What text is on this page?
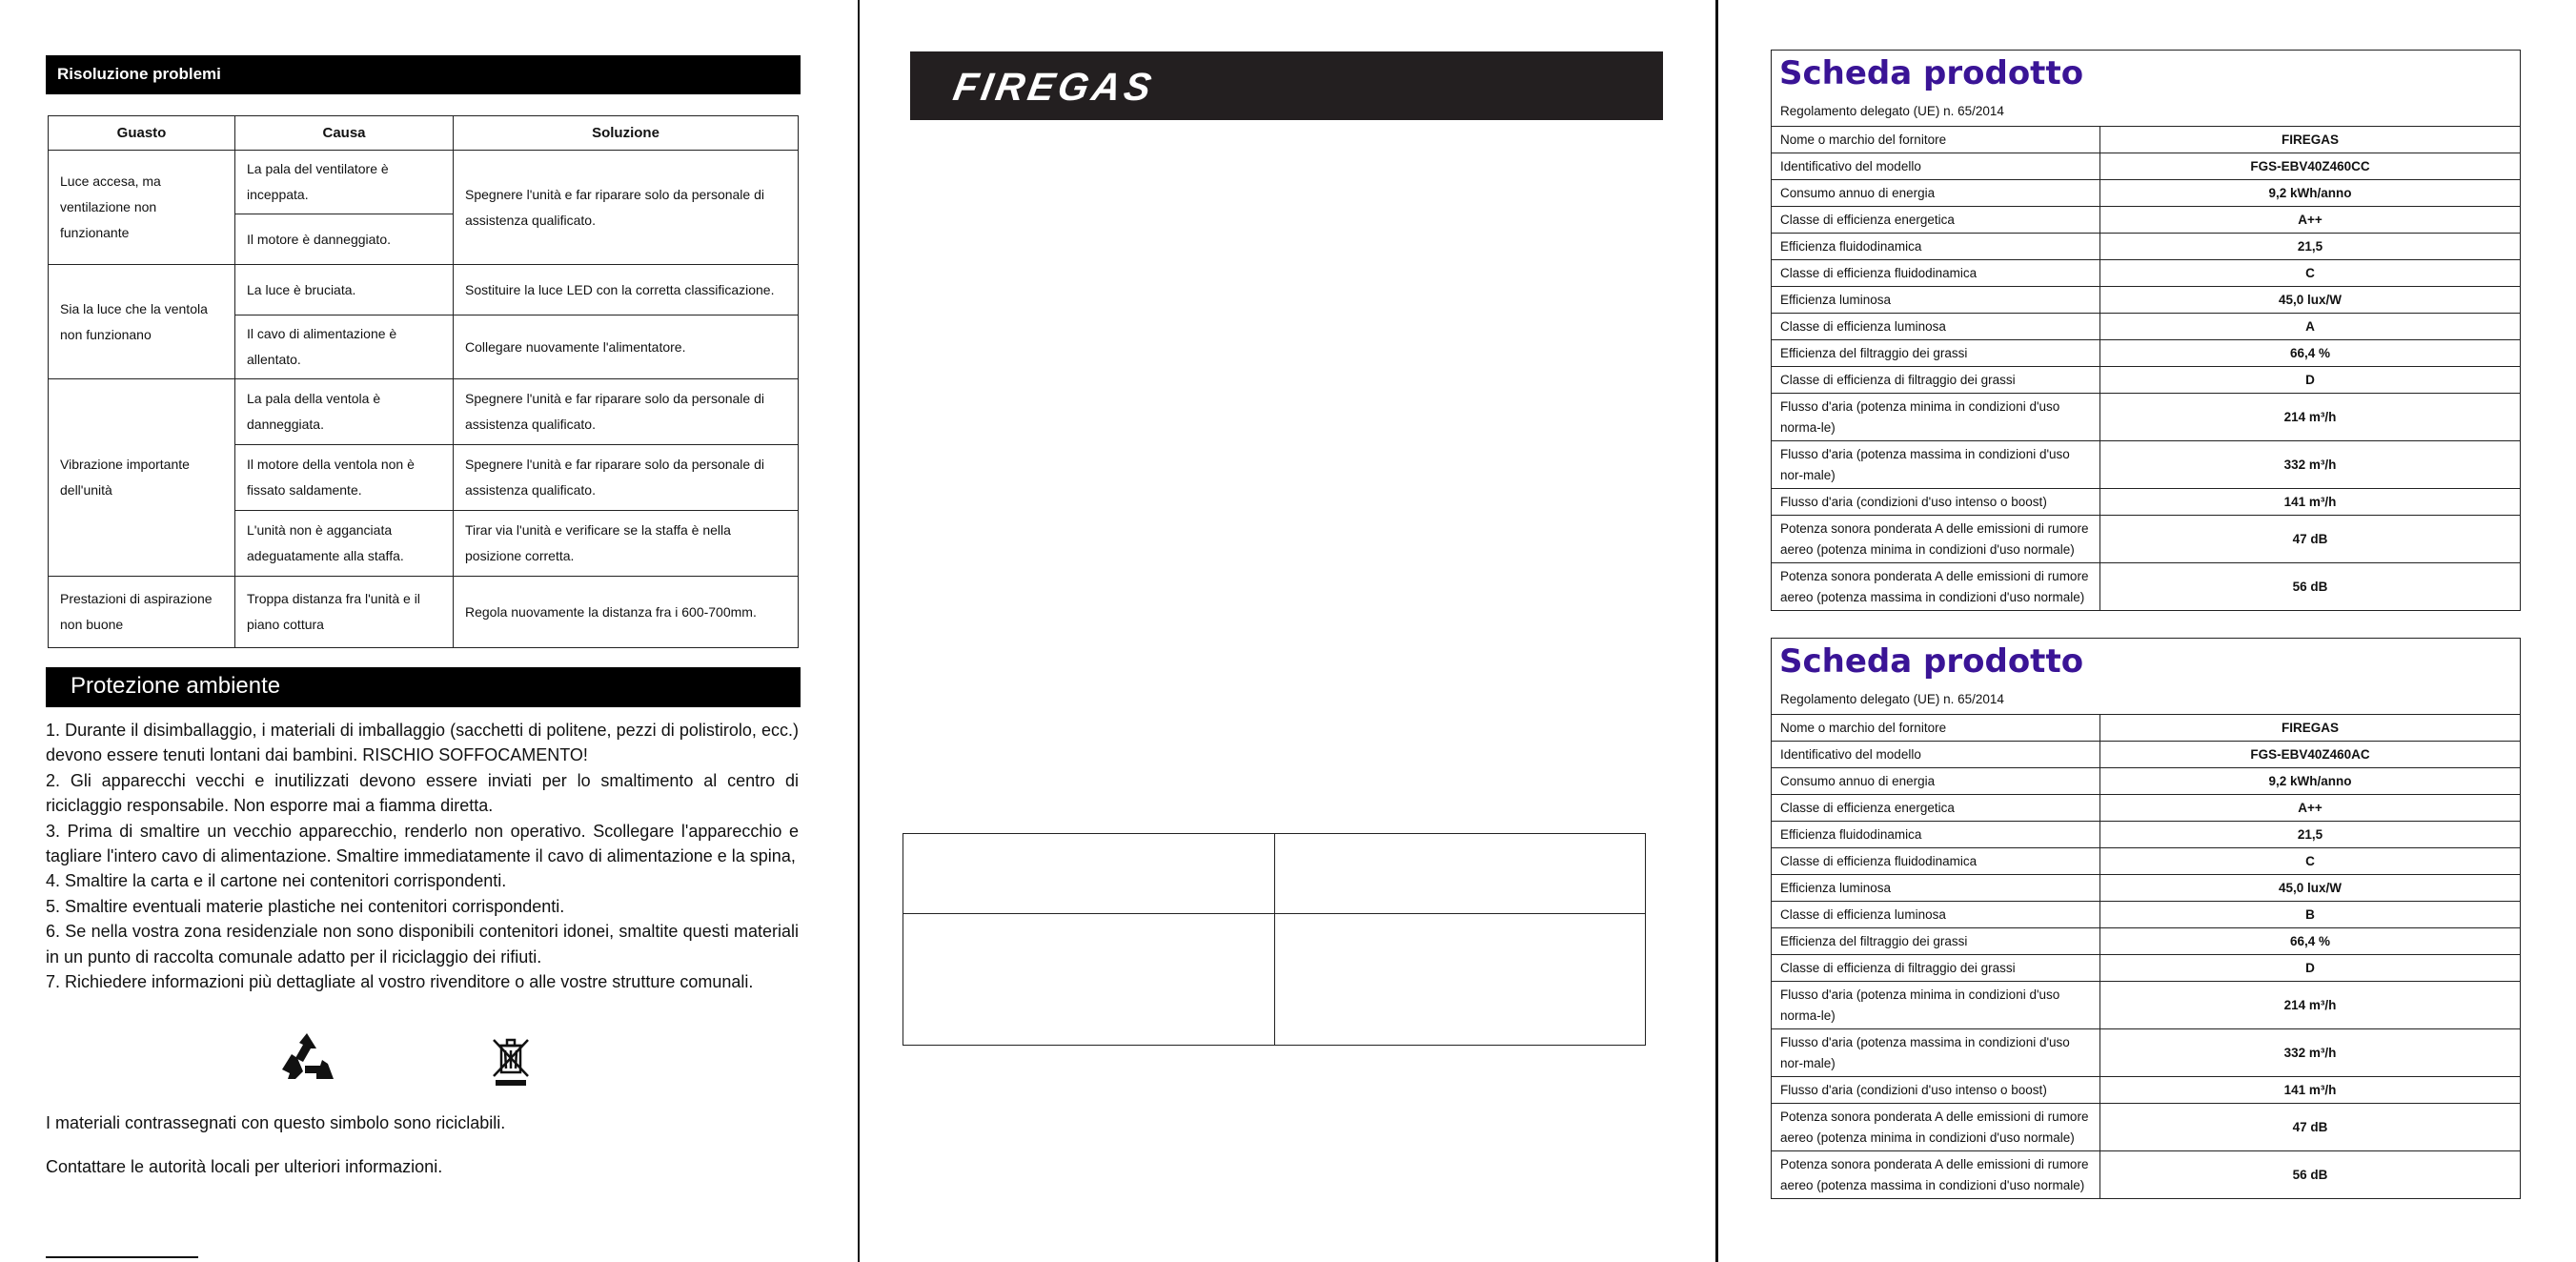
Risoluzione problemi
Guasto	Causa	Soluzione
Luce accesa, ma ventilazione non funzionante	La pala del ventilatore è inceppata.	Spegnere l'unità e far riparare solo da personale di assistenza qualificato.
	Il motore è danneggiato.	
Sia la luce che la ventola non funzionano	La luce è bruciata.	Sostituire la luce LED con la corretta classificazione.
	Il cavo di alimentazione è allentato.	Collegare nuovamente l'alimentatore.
Vibrazione importante dell'unità	La pala della ventola è danneggiata.	Spegnere l'unità e far riparare solo da personale di assistenza qualificato.
	Il motore della ventola non è fissato saldamente.	Spegnere l'unità e far riparare solo da personale di assistenza qualificato.
	L'unità non è agganciata adeguatamente alla staffa.	Tirar via l'unità e verificare se la staffa è nella posizione corretta.
Prestazioni di aspirazione non buone	Troppa distanza fra l'unità e il piano cottura	Regola nuovamente la distanza fra i 600-700mm.
Protezione ambiente

1. Durante il disimballaggio, i materiali di imballaggio (sacchetti di politene, pezzi di polistirolo, ecc.) devono essere tenuti lontani dai bambini. RISCHIO SOFFOCAMENTO!

2. Gli apparecchi vecchi e inutilizzati devono essere inviati per lo smaltimento al centro di riciclaggio responsabile. Non esporre mai a fiamma diretta.

3. Prima di smaltire un vecchio apparecchio, renderlo non operativo. Scollegare l'apparecchio e tagliare l'intero cavo di alimentazione. Smaltire immediatamente il cavo di alimentazione e la spina,

4. Smaltire la carta e il cartone nei contenitori corrispondenti.

5. Smaltire eventuali materie plastiche nei contenitori corrispondenti.

6. Se nella vostra zona residenziale non sono disponibili contenitori idonei, smaltite questi materiali in un punto di raccolta comunale adatto per il riciclaggio dei rifiuti.

7. Richiedere informazioni più dettagliate al vostro rivenditore o alle vostre strutture comunali.

I materiali contrassegnati con questo simbolo sono riciclabili.
Contattare le autorità locali per ulteriori informazioni.
FIREGAS

		Scheda prodotto
Regolamento delegato (UE) n. 65/2014
Nome o marchio del fornitore	FIREGAS
Identificativo del modello	FGS-EBV40Z460CC
Consumo annuo di energia	9,2 kWh/anno
Classe di efficienza energetica	A++
Efficienza fluidodinamica	21,5
Classe di efficienza fluidodinamica	C
Efficienza luminosa	45,0 lux/W
Classe di efficienza luminosa	A
Efficienza del filtraggio dei grassi	66,4 %
Classe di efficienza di filtraggio dei grassi	D
Flusso d'aria (potenza minima in condizioni d'uso norma-le)	214 m³/h
Flusso d'aria (potenza massima in condizioni d'uso nor-male)	332 m³/h
Flusso d'aria (condizioni d'uso intenso o boost)	141 m³/h
Potenza sonora ponderata A delle emissioni di rumore aereo (potenza minima in condizioni d'uso normale)	47 dB
Potenza sonora ponderata A delle emissioni di rumore aereo (potenza massima in condizioni d'uso normale)	56 dB
Scheda prodotto
Regolamento delegato (UE) n. 65/2014
Nome o marchio del fornitore	FIREGAS
Identificativo del modello	FGS-EBV40Z460AC
Consumo annuo di energia	9,2 kWh/anno
Classe di efficienza energetica	A++
Efficienza fluidodinamica	21,5
Classe di efficienza fluidodinamica	C
Efficienza luminosa	45,0 lux/W
Classe di efficienza luminosa	B
Efficienza del filtraggio dei grassi	66,4 %
Classe di efficienza di filtraggio dei grassi	D
Flusso d'aria (potenza minima in condizioni d'uso norma-le)	214 m³/h
Flusso d'aria (potenza massima in condizioni d'uso nor-male)	332 m³/h
Flusso d'aria (condizioni d'uso intenso o boost)	141 m³/h
Potenza sonora ponderata A delle emissioni di rumore aereo (potenza minima in condizioni d'uso normale)	47 dB
Potenza sonora ponderata A delle emissioni di rumore aereo (potenza massima in condizioni d'uso normale)	56 dB
